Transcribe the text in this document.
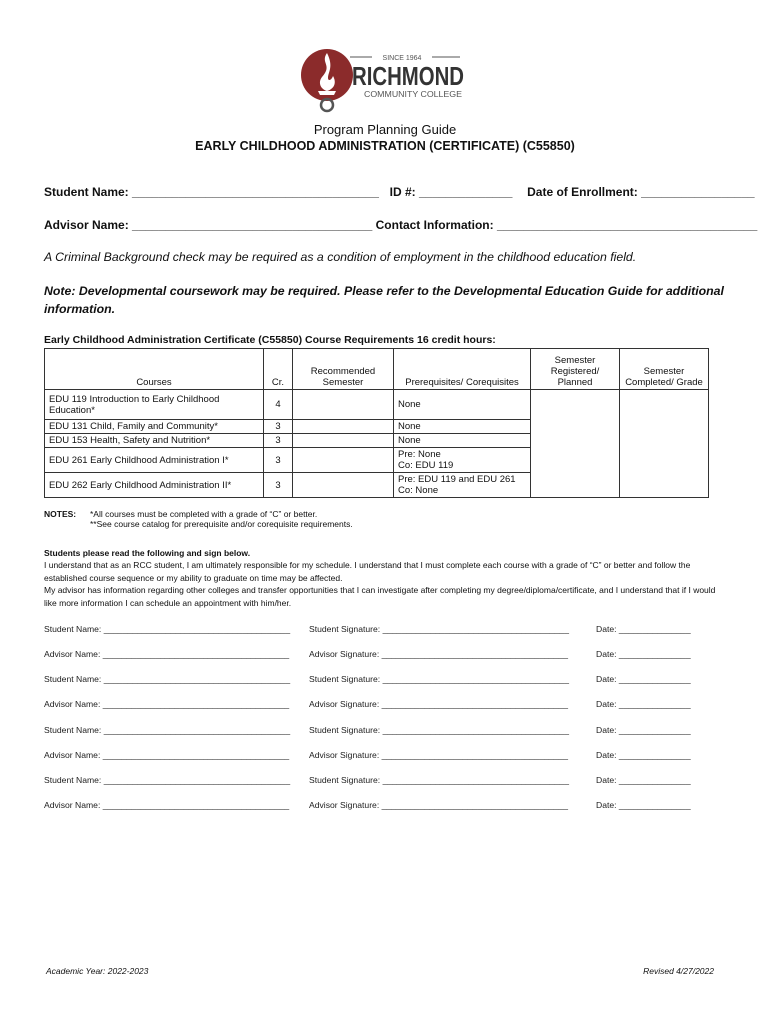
SINCE 1964
RICHMOND
COMMUNITY COLLEGE
Program Planning Guide
EARLY CHILDHOOD ADMINISTRATION (CERTIFICATE) (C55850)
Student Name: _____________________________________ ID #: ______________ Date of Enrollment: _________________
Advisor Name: ____________________________________ Contact Information: _______________________________________
A Criminal Background check may be required as a condition of employment in the childhood education field.
Note: Developmental coursework may be required. Please refer to the Developmental Education Guide for additional information.
Early Childhood Administration Certificate (C55850) Course Requirements 16 credit hours:
Courses	Cr.	Recommended Semester	Prerequisites/ Corequisites	Semester Registered/ Planned	Semester Completed/ Grade
EDU 119 Introduction to Early Childhood Education*	4		None		
EDU 131 Child, Family and Community*	3		None		
EDU 153 Health, Safety and Nutrition*	3		None		
EDU 261 Early Childhood Administration I*	3		Pre: None
Co: EDU 119		
EDU 262 Early Childhood Administration II*	3		Pre: EDU 119 and EDU 261
Co: None		
NOTES: *All courses must be completed with a grade of “C” or better.
**See course catalog for prerequisite and/or corequisite requirements.
Students please read the following and sign below.
I understand that as an RCC student, I am ultimately responsible for my schedule. I understand that I must complete each course with a grade of “C” or better and follow the established course sequence or my ability to graduate on time may be affected.
My advisor has information regarding other colleges and transfer opportunities that I can investigate after completing my degree/diploma/certificate, and I understand that if I would like more information I can schedule an appointment with him/her.
Student Name: _______________________________________ Student Signature: _______________________________________	Date: _______________
Advisor Name: _______________________________________ Advisor Signature: _______________________________________	Date: _______________
Student Name: _______________________________________ Student Signature: _______________________________________	Date: _______________
Advisor Name: _______________________________________ Advisor Signature: _______________________________________	Date: _______________
Student Name: _______________________________________ Student Signature: _______________________________________	Date: _______________
Advisor Name: _______________________________________ Advisor Signature: _______________________________________	Date: _______________
Student Name: _______________________________________ Student Signature: _______________________________________	Date: _______________
Advisor Name: _______________________________________ Advisor Signature: _______________________________________	Date: _______________
Academic Year: 2022-2023	Revised 4/27/2022
